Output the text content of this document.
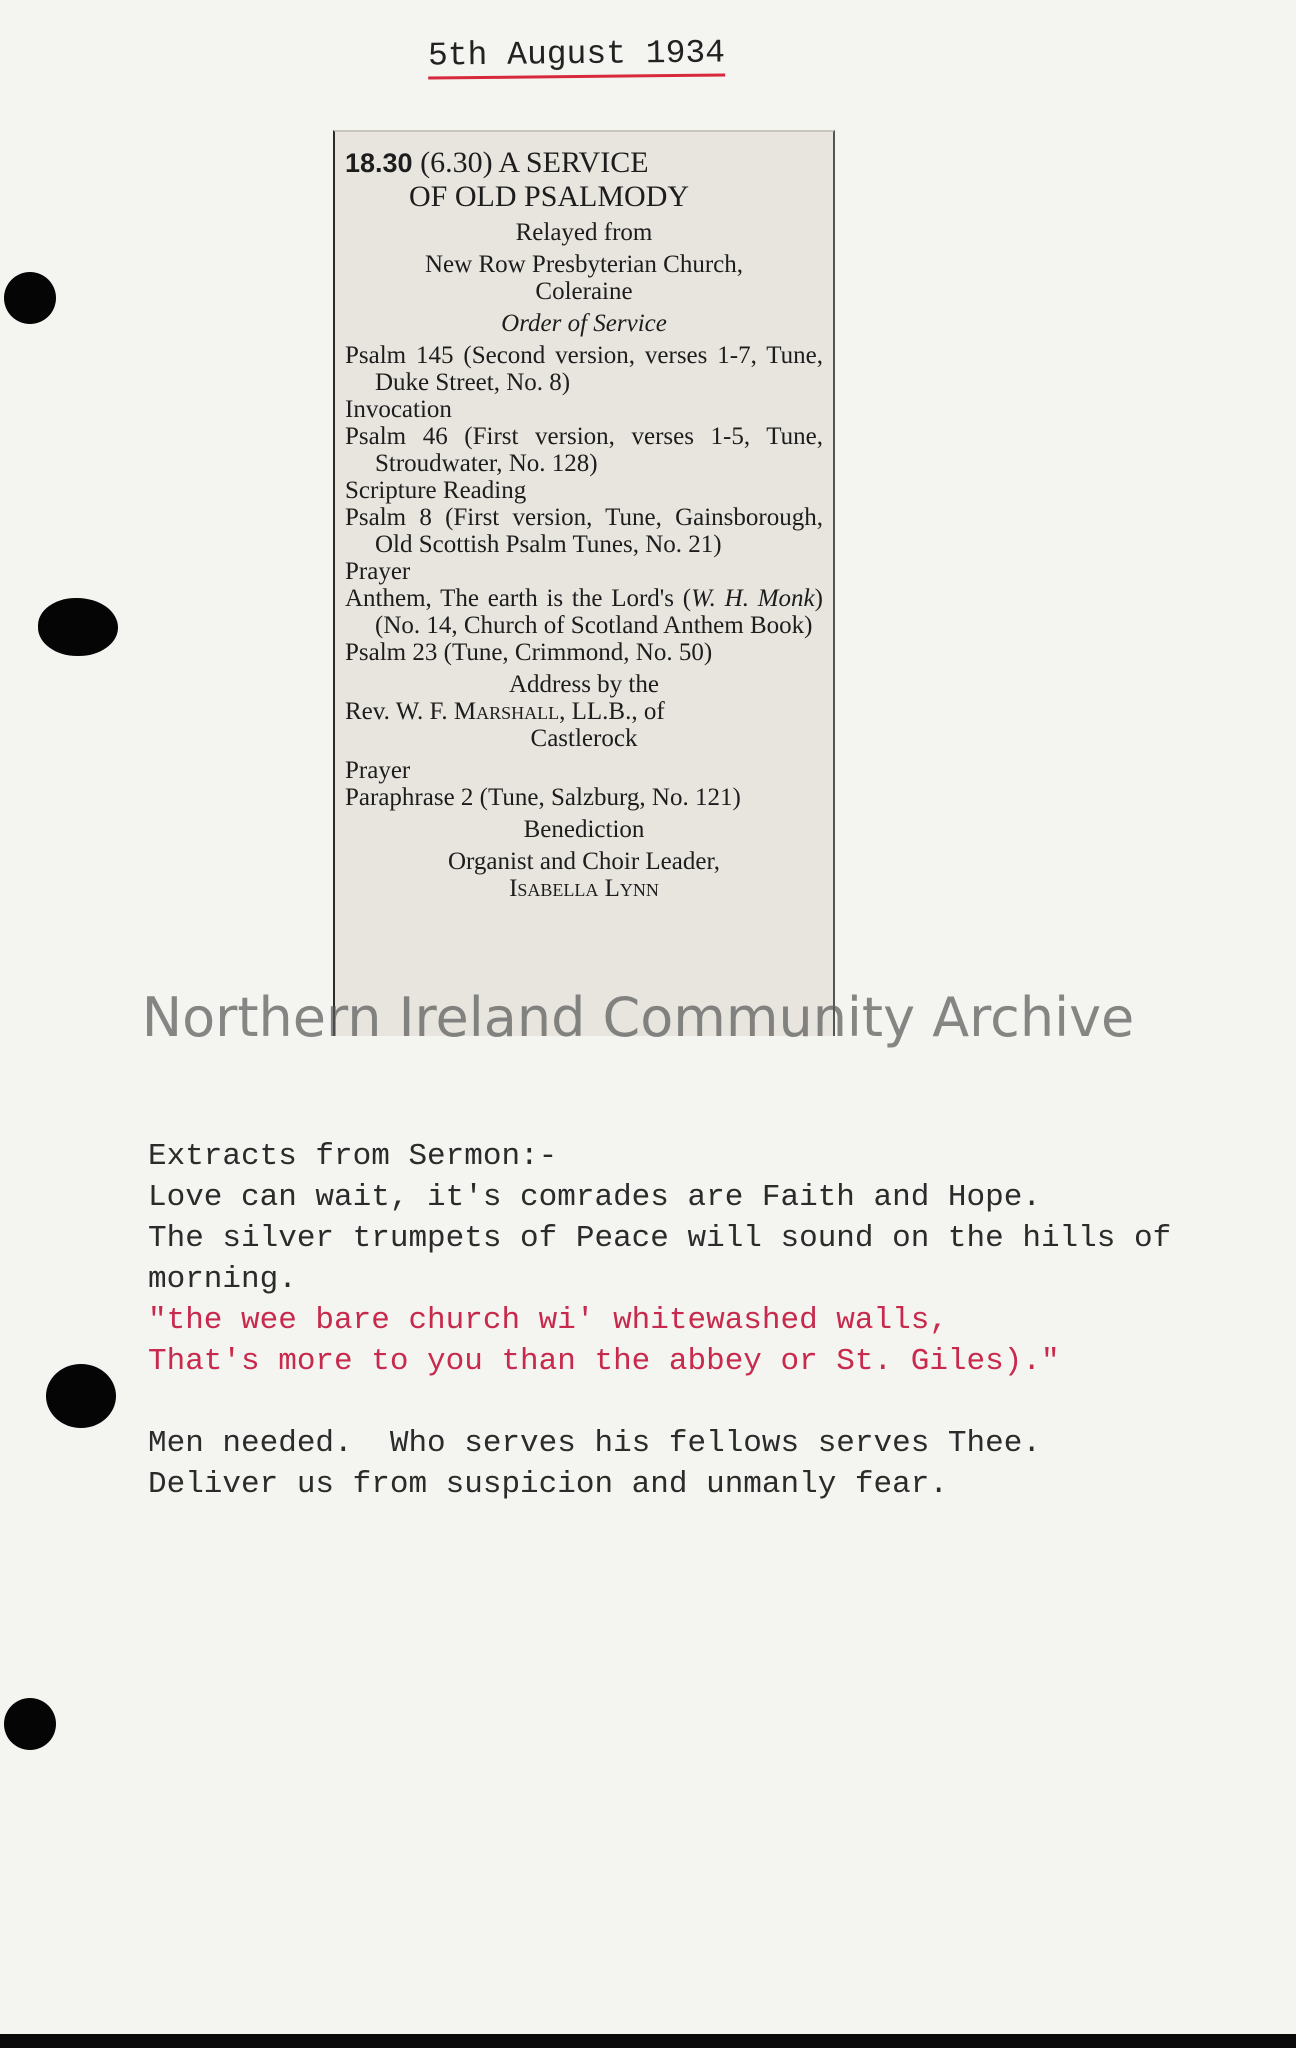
5th August 1934
18.30 (6.30) A SERVICE
OF OLD PSALMODY
Relayed from
New Row Presbyterian Church,
Coleraine
Order of Service
Psalm 145 (Second version, verses 1-7, Tune, Duke Street, No. 8)
Invocation
Psalm 46 (First version, verses 1-5, Tune, Stroudwater, No. 128)
Scripture Reading
Psalm 8 (First version, Tune, Gainsborough, Old Scottish Psalm Tunes, No. 21)
Prayer
Anthem, The earth is the Lord's (W. H. Monk) (No. 14, Church of Scotland Anthem Book)
Psalm 23 (Tune, Crimmond, No. 50)
Address by the
Rev. W. F. Marshall, LL.B., of
Castlerock
Prayer
Paraphrase 2 (Tune, Salzburg, No. 121)
Benediction
Organist and Choir Leader,
Isabella Lynn
Northern Ireland Community Archive
Extracts from Sermon:-
Love can wait, it's comrades are Faith and Hope.
The silver trumpets of Peace will sound on the hills of
morning.
"the wee bare church wi' whitewashed walls,
That's more to you than the abbey or St. Giles)."
Men needed.  Who serves his fellows serves Thee.
Deliver us from suspicion and unmanly fear.
